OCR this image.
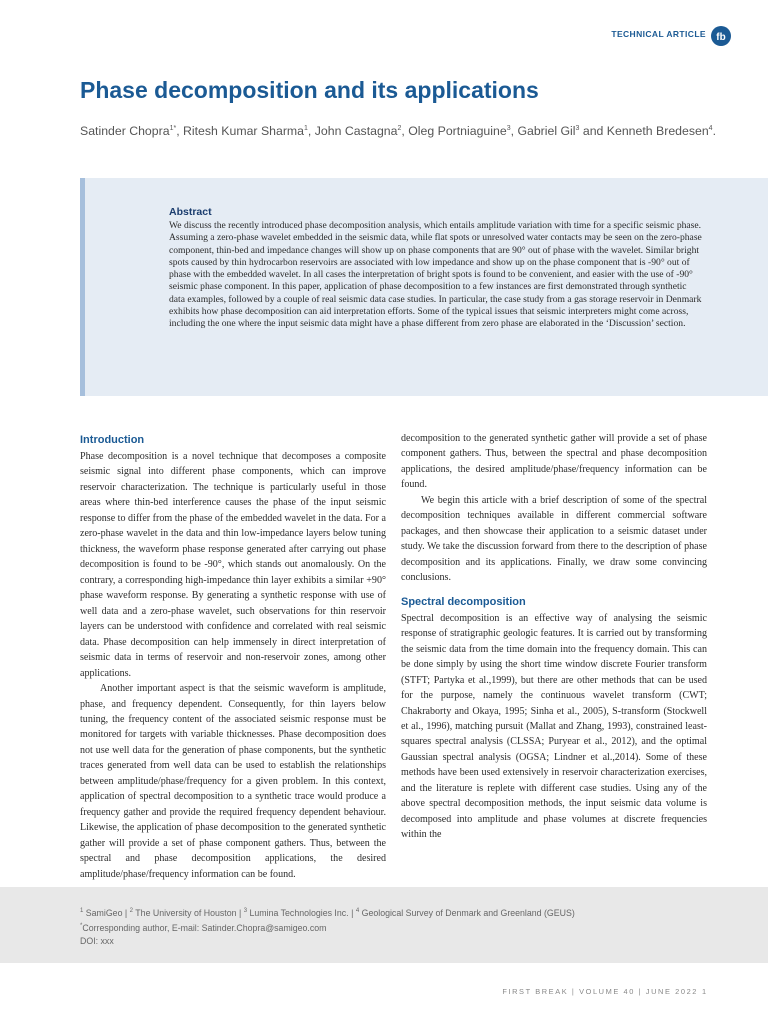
TECHNICAL ARTICLE fb
Phase decomposition and its applications
Satinder Chopra$^{1*}$, Ritesh Kumar Sharma$^1$, John Castagna$^2$, Oleg Portniaguine$^3$, Gabriel Gil$^3$ and Kenneth Bredesen$^4$.
Abstract

We discuss the recently introduced phase decomposition analysis, which entails amplitude variation with time for a specific seismic phase. Assuming a zero-phase wavelet embedded in the seismic data, while flat spots or unresolved water contacts may be seen on the zero-phase component, thin-bed and impedance changes will show up on phase components that are 90° out of phase with the wavelet. Similar bright spots caused by thin hydrocarbon reservoirs are associated with low impedance and show up on the phase component that is -90° out of phase with the embedded wavelet. In all cases the interpretation of bright spots is found to be convenient, and easier with the use of -90° seismic phase component. In this paper, application of phase decomposition to a few instances are first demonstrated through synthetic data examples, followed by a couple of real seismic data case studies. In particular, the case study from a gas storage reservoir in Denmark exhibits how phase decomposition can aid interpretation efforts. Some of the typical issues that seismic interpreters might come across, including the one where the input seismic data might have a phase different from zero phase are elaborated in the ‘Discussion’ section.

Introduction

Phase decomposition is a novel technique that decomposes a composite seismic signal into different phase components, which can improve reservoir characterization. The technique is particularly useful in those areas where thin-bed interference causes the phase of the input seismic response to differ from the phase of the embedded wavelet in the data. For a zero-phase wavelet in the data and thin low-impedance layers below tuning thickness, the waveform phase response generated after carrying out phase decomposition is found to be -90°, which stands out anomalously. On the contrary, a corresponding high-impedance thin layer exhibits a similar +90° phase waveform response. By generating a synthetic response with use of well data and a zero-phase wavelet, such observations for thin reservoir layers can be understood with confidence and correlated with real seismic data. Phase decomposition can help immensely in direct interpretation of seismic data in terms of reservoir and non-reservoir zones, among other applications.

Another important aspect is that the seismic waveform is amplitude, phase, and frequency dependent. Consequently, for thin layers below tuning, the frequency content of the associated seismic response must be monitored for targets with variable thicknesses. Phase decomposition does not use well data for the generation of phase components, but the synthetic traces generated from well data can be used to establish the relationships between amplitude/phase/frequency for a given problem. In this context, application of spectral decomposition to a synthetic trace would produce a frequency gather and provide the required frequency dependent behaviour. Likewise, the application of phase decomposition to the generated synthetic gather will provide a set of phase component gathers. Thus, between the spectral and phase decomposition applications, the desired amplitude/phase/frequency information can be found.

decomposition to the generated synthetic gather will provide a set of phase component gathers. Thus, between the spectral and phase decomposition applications, the desired amplitude/phase/frequency information can be found.

We begin this article with a brief description of some of the spectral decomposition techniques available in different commercial software packages, and then showcase their application to a seismic dataset under study. We take the discussion forward from there to the description of phase decomposition and its applications. Finally, we draw some convincing conclusions.

Spectral decomposition

Spectral decomposition is an effective way of analysing the seismic response of stratigraphic geologic features. It is carried out by transforming the seismic data from the time domain into the frequency domain. This can be done simply by using the short time window discrete Fourier transform (STFT; Partyka et al.,1999), but there are other methods that can be used for the purpose, namely the continuous wavelet transform (CWT; Chakraborty and Okaya, 1995; Sinha et al., 2005), S-transform (Stockwell et al., 1996), matching pursuit (Mallat and Zhang, 1993), constrained least-squares spectral analysis (CLSSA; Puryear et al., 2012), and the optimal Gaussian spectral analysis (OGSA; Lindner et al.,2014). Some of these methods have been used extensively in reservoir characterization exercises, and the literature is replete with different case studies. Using any of the above spectral decomposition methods, the input seismic data volume is decomposed into amplitude and phase volumes at discrete frequencies within the

$^1$ SamiGeo | $^2$ The University of Houston | $^3$ Lumina Technologies Inc. | $^4$ Geological Survey of Denmark and Greenland (GEUS)
*Corresponding author, E-mail: Satinder.Chopra@samigeo.com
DOI: xxx
FIRST BREAK | VOLUME 40 | JUNE 2022 1
